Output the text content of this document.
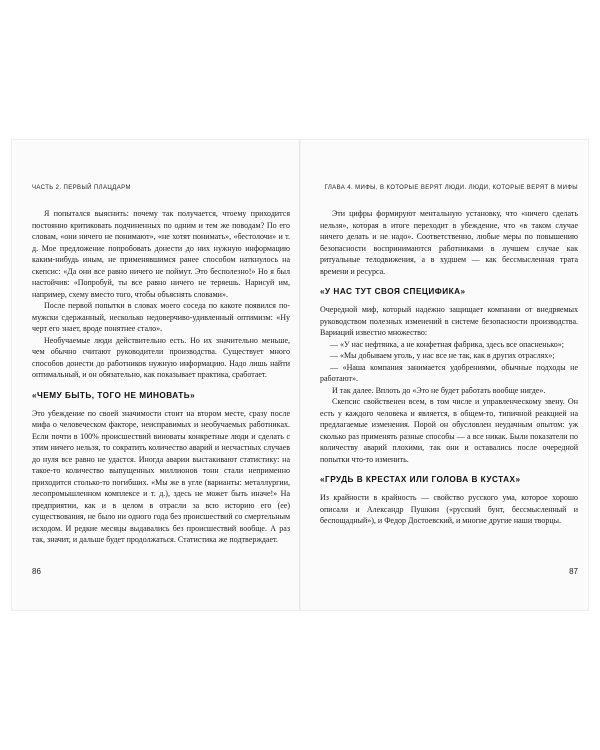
ЧАСТЬ 2. ПЕРВЫЙ ПЛАЦДАРМ

Я попытался выяснить: почему так получается, чтоему приходится постоянно критиковать подчиненных по одним и тем же поводам? По его словам, «они ничего не понимают», «не хотят понимать», «бестолочи» и т. д. Мое предложение попробовать донести до них нужную информацию каким-нибудь иным, не применявшимся ранее способом наткнулось на скепсис: «Да они все равно ничего не поймут. Это бесполезно!» Но я был настойчив: «Попробуй, ты все равно ничего не теряешь. Нарисуй им, например, схему вместо того, чтобы объяснять словами».

После первой попытки в словах моего соседа по какоте появился по-мужски сдержанный, несколько недоверчиво-удивленный оптимизм: «Ну черт его знает, вроде понятнее стало».

Необучаемые люди действительно есть. Но их значительно меньше, чем обычно считают руководители производства. Существует много способов донести до работников нужную информацию. Надо лишь найти оптимальный, и он обязательно, как показывает практика, сработает.

«ЧЕМУ БЫТЬ, ТОГО НЕ МИНОВАТЬ»

Это убеждение по своей значимости стоит на втором месте, сразу после мифа о человеческом факторе, неисправимых и необучаемых работниках. Если почти в 100% происшествий виноваты конкретные люди и сделать с этим ничего нельзя, то сократить количество аварий и несчастных случаев до нуля все равно не удастся. Иногда аварии выстакивают статистику: на такое-то количество выпущенных миллионов тонн стали неприменно приходится столько-то погибших. «Мы же в угле (варианты: металлургии, лесопромышленном комплексе и т. д.), здесь не может быть иначе!» На предприятии, как и в целом в отрасли за всю историю его (ее) существования, не было ни одного года без происшествий со смертельным исходом. И редкие месяцы выдавались без происшествий вообще. А раз так, значит, и дальше будет продолжаться. Статистика же подтверждает.

86
ГЛАВА 4. МИФЫ, В КОТОРЫЕ ВЕРЯТ ЛЮДИ. ЛЮДИ, КОТОРЫЕ ВЕРЯТ В МИФЫ

Эти цифры формируют ментальную установку, что «ничего сделать нельзя», которая в итоге переходит в убеждение, что «в таком случае ничего делать и не надо». Соответственно, любые меры по повышению безопасности воспринимаются работниками в лучшем случае как ритуальные телодвижения, а в худшем — как бессмысленная трата времени и ресурса.

«У НАС ТУТ СВОЯ СПЕЦИФИКА»

Очередной миф, который надежно защищает компании от внедряемых руководством полезных изменений в системе безопасности производства. Вариаций известно множество:

— «У нас нефтянка, а не конфетная фабрика, здесь все опасненько»;

— «Мы добываем уголь, у нас все не так, как в других отраслях»;

— «Наша компания занимается удобрениями, обычные подходы не работают».

И так далее. Вплоть до «Это не будет работать вообще нигде».

Скепсис свойственен всем, в том числе и управленческому звену. Он есть у каждого человека и является, в общем-то, типичной реакцией на предлагаемые изменения. Порой он обусловлен неудачным опытом: уж сколько раз применять разные способы — а все никак. Были показатели по количеству аварий плохими, так они и оставались после очередной попытки что-то изменить.

«ГРУДЬ В КРЕСТАХ ИЛИ ГОЛОВА В КУСТАХ»

Из крайности в крайность — свойство русского ума, которое хорошо описали и Александр Пушкин («русский бунт, бессмысленный и беспощадный»), и Федор Достоевский, и многие другие наши творцы.

87
